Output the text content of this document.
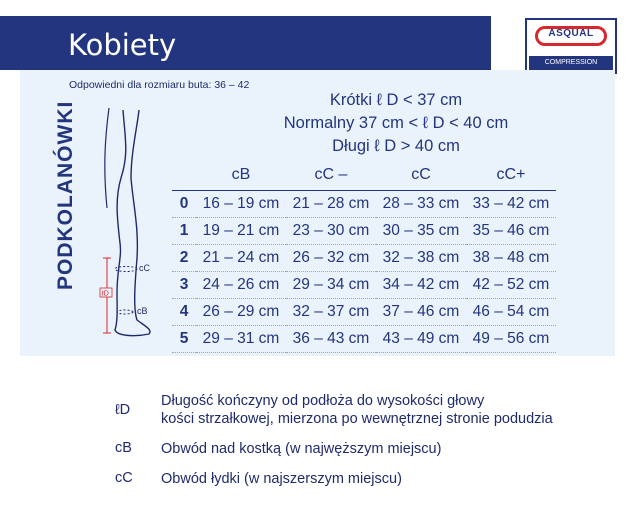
Kobiety	ASQUAL
COMPRESSION
Odpowiedni dla rozmiaru buta: 36 – 42
Krótki ℓ D < 37 cm
Normalny 37 cm < ℓ D < 40 cm
Długi ℓ D > 40 cm
PODKOLANÓWKI
ℓD
cC
cB
	cB	cC –	cC	cC+
0	16 – 19 cm	21 – 28 cm	28 – 33 cm	33 – 42 cm
1	19 – 21 cm	23 – 30 cm	30 – 35 cm	35 – 46 cm
2	21 – 24 cm	26 – 32 cm	32 – 38 cm	38 – 48 cm
3	24 – 26 cm	29 – 34 cm	34 – 42 cm	42 – 52 cm
4	26 – 29 cm	32 – 37 cm	37 – 46 cm	46 – 54 cm
5	29 – 31 cm	36 – 43 cm	43 – 49 cm	49 – 56 cm
ℓD
Długość kończyny od podłoża do wysokości głowy
kości strzałkowej, mierzona po wewnętrznej stronie podudzia
cB	Obwód nad kostką (w najwęższym miejscu)
cC	Obwód łydki (w najszerszym miejscu)
